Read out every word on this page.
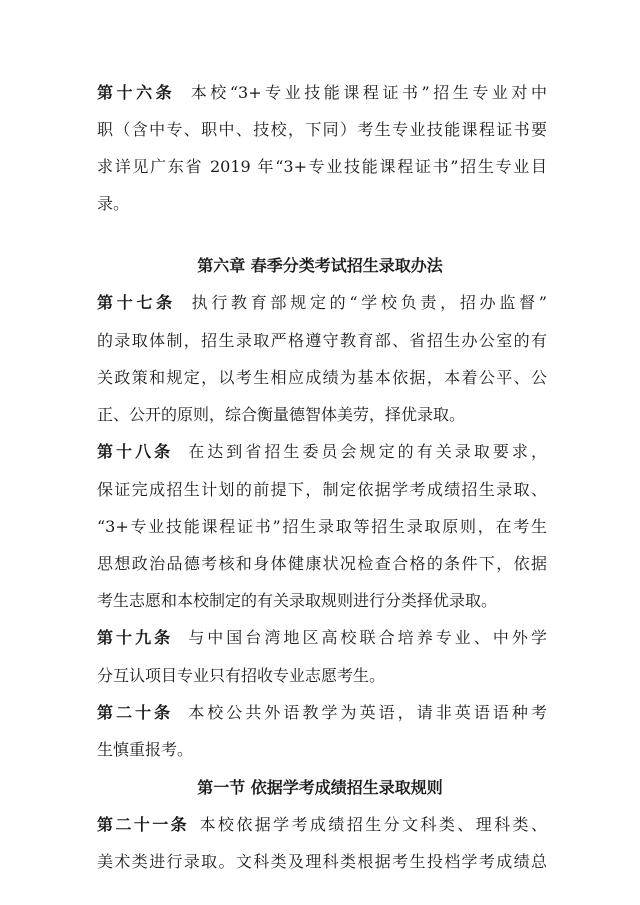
第十六条 本校“3+专业技能课程证书”招生专业对中
职（含中专、职中、技校，下同）考生专业技能课程证书要
求详见广东省 2019 年“3+专业技能课程证书”招生专业目
录。
第六章 春季分类考试招生录取办法
第十七条 执行教育部规定的“学校负责，招办监督”
的录取体制，招生录取严格遵守教育部、省招生办公室的有
关政策和规定，以考生相应成绩为基本依据，本着公平、公
正、公开的原则，综合衡量德智体美劳，择优录取。
第十八条 在达到省招生委员会规定的有关录取要求，
保证完成招生计划的前提下，制定依据学考成绩招生录取、
“3+专业技能课程证书”招生录取等招生录取原则，在考生
思想政治品德考核和身体健康状况检查合格的条件下，依据
考生志愿和本校制定的有关录取规则进行分类择优录取。
第十九条 与中国台湾地区高校联合培养专业、中外学
分互认项目专业只有招收专业志愿考生。
第二十条 本校公共外语教学为英语，请非英语语种考
生慎重报考。
第一节 依据学考成绩招生录取规则
第二十一条 本校依据学考成绩招生分文科类、理科类、
美术类进行录取。文科类及理科类根据考生投档学考成绩总
